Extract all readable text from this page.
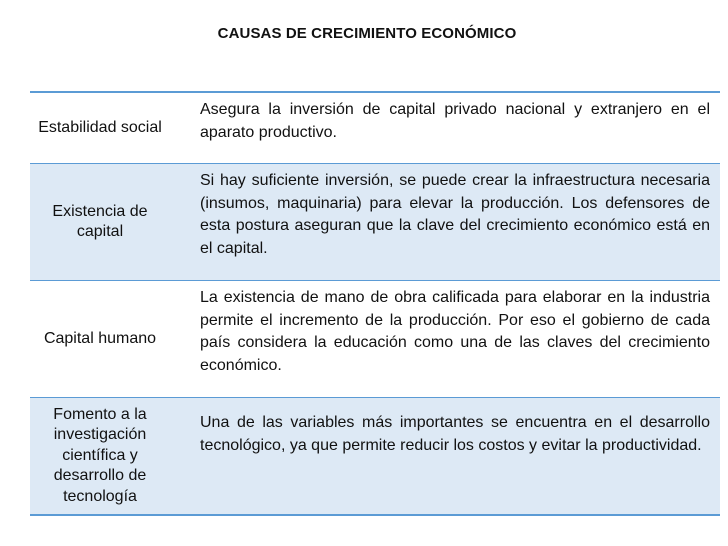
CAUSAS DE CRECIMIENTO ECONÓMICO
Estabilidad social
Asegura la inversión de capital privado nacional y extranjero en el aparato productivo.
Existencia de capital
Si hay suficiente inversión, se puede crear la infraestructura necesaria (insumos, maquinaria) para elevar la producción. Los defensores de esta postura aseguran que la clave del crecimiento económico está en el capital.
Capital humano
La existencia de mano de obra calificada para elaborar en la industria permite el incremento de la producción. Por eso el gobierno de cada país considera la educación como una de las claves del crecimiento económico.
Fomento a la investigación científica y desarrollo de tecnología
Una de las variables más importantes se encuentra en el desarrollo tecnológico, ya que permite reducir los costos y evitar la productividad.
